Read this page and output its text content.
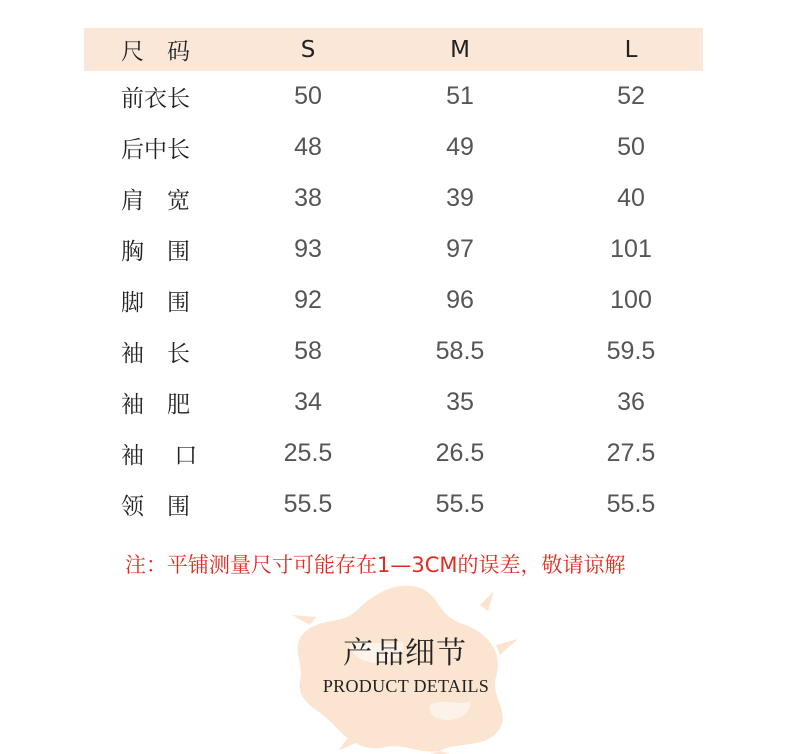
尺　码	S	M	L
前衣长	50	51	52
后中长	48	49	50
肩　宽	38	39	40
胸　围	93	97	101
脚　围	92	96	100
袖　长	58	58.5	59.5
袖　肥	34	35	36
袖　 口	25.5	26.5	27.5
领　围	55.5	55.5	55.5
注：平铺测量尺寸可能存在1—3CM的误差，敬请谅解
产品细节
PRODUCT DETAILS
